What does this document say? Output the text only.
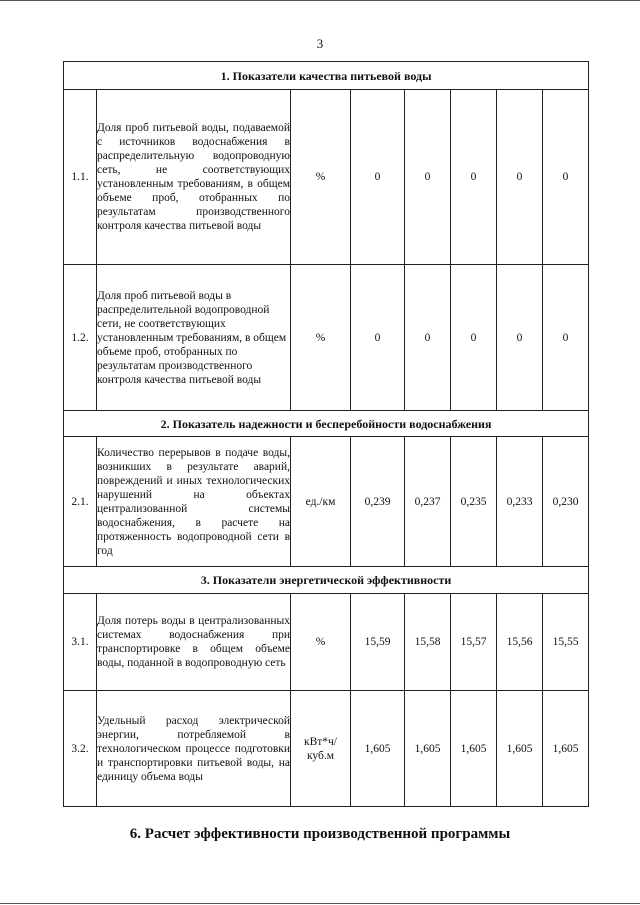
3
1. Показатели качества питьевой воды							
1.1.	Доля проб питьевой воды, подаваемой с источников водоснабжения в распределительную водопроводную сеть, не соответствующих установленным требованиям, в общем объеме проб, отобранных по результатам производственного контроля качества питьевой воды	%	0	0	0	0	0
1.2.	Доля проб питьевой воды в распределительной водопроводной сети, не соответствующих установленным требованиям, в общем объеме проб, отобранных по результатам производственного контроля качества питьевой воды	%	0	0	0	0	0
2. Показатель надежности и бесперебойности водоснабжения							
2.1.	Количество перерывов в подаче воды, возникших в результате аварий, повреждений и иных технологических нарушений на объектах централизованной системы водоснабжения, в расчете на протяженность водопроводной сети в год	ед./км	0,239	0,237	0,235	0,233	0,230
3. Показатели энергетической эффективности							
3.1.	Доля потерь воды в централизованных системах водоснабжения при транспортировке в общем объеме воды, поданной в водопроводную сеть	%	15,59	15,58	15,57	15,56	15,55
3.2.	Удельный расход электрической энергии, потребляемой в технологическом процессе подготовки и транспортировки питьевой воды, на единицу объема воды	кВт*ч/ куб.м	1,605	1,605	1,605	1,605	1,605
6. Расчет эффективности производственной программы
